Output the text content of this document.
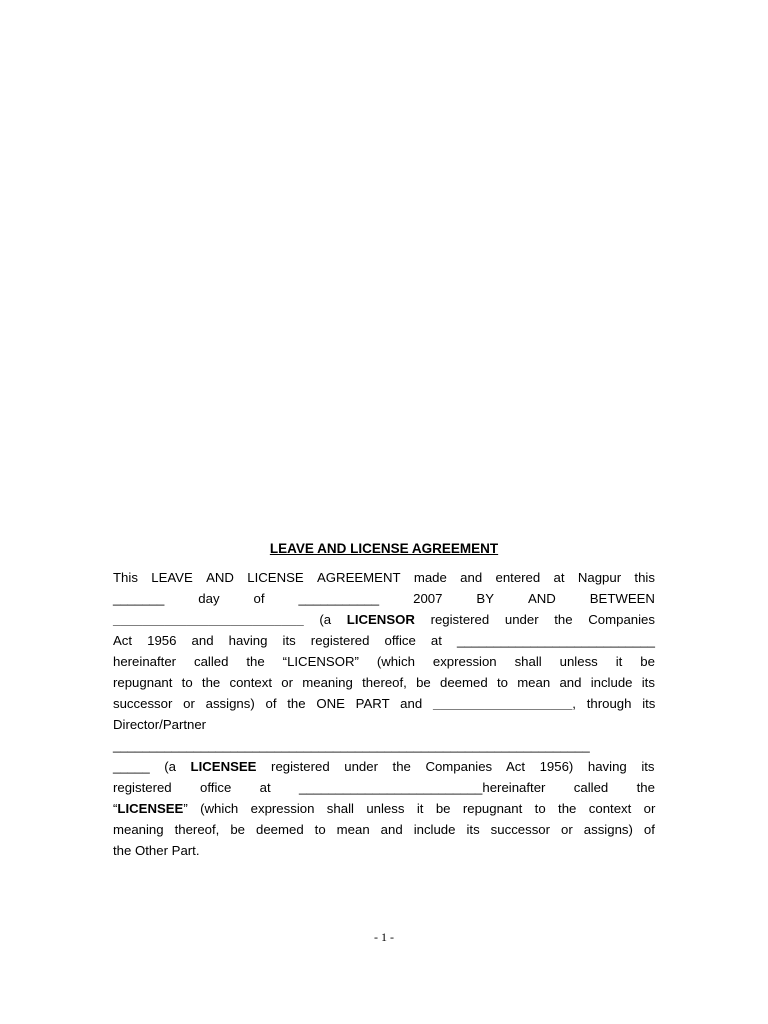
LEAVE AND LICENSE AGREEMENT
This LEAVE AND LICENSE AGREEMENT made and entered at Nagpur this
_______	day	of	___________	2007	BY	AND	BETWEEN
__________________________ (a LICENSOR registered under the Companies
Act 1956 and having its registered office at ___________________________
hereinafter called the “LICENSOR” (which expression shall unless it be
repugnant to the context or meaning thereof, be deemed to mean and include its
successor or assigns) of the ONE PART and ___________________, through its
Director/Partner
_________________________________________________________________
_____ (a LICENSEE registered under the Companies Act 1956) having its
registered office at _________________________hereinafter called the
“LICENSEE” (which expression shall unless it be repugnant to the context or
meaning thereof, be deemed to mean and include its successor or assigns) of
the Other Part.
- 1 -
